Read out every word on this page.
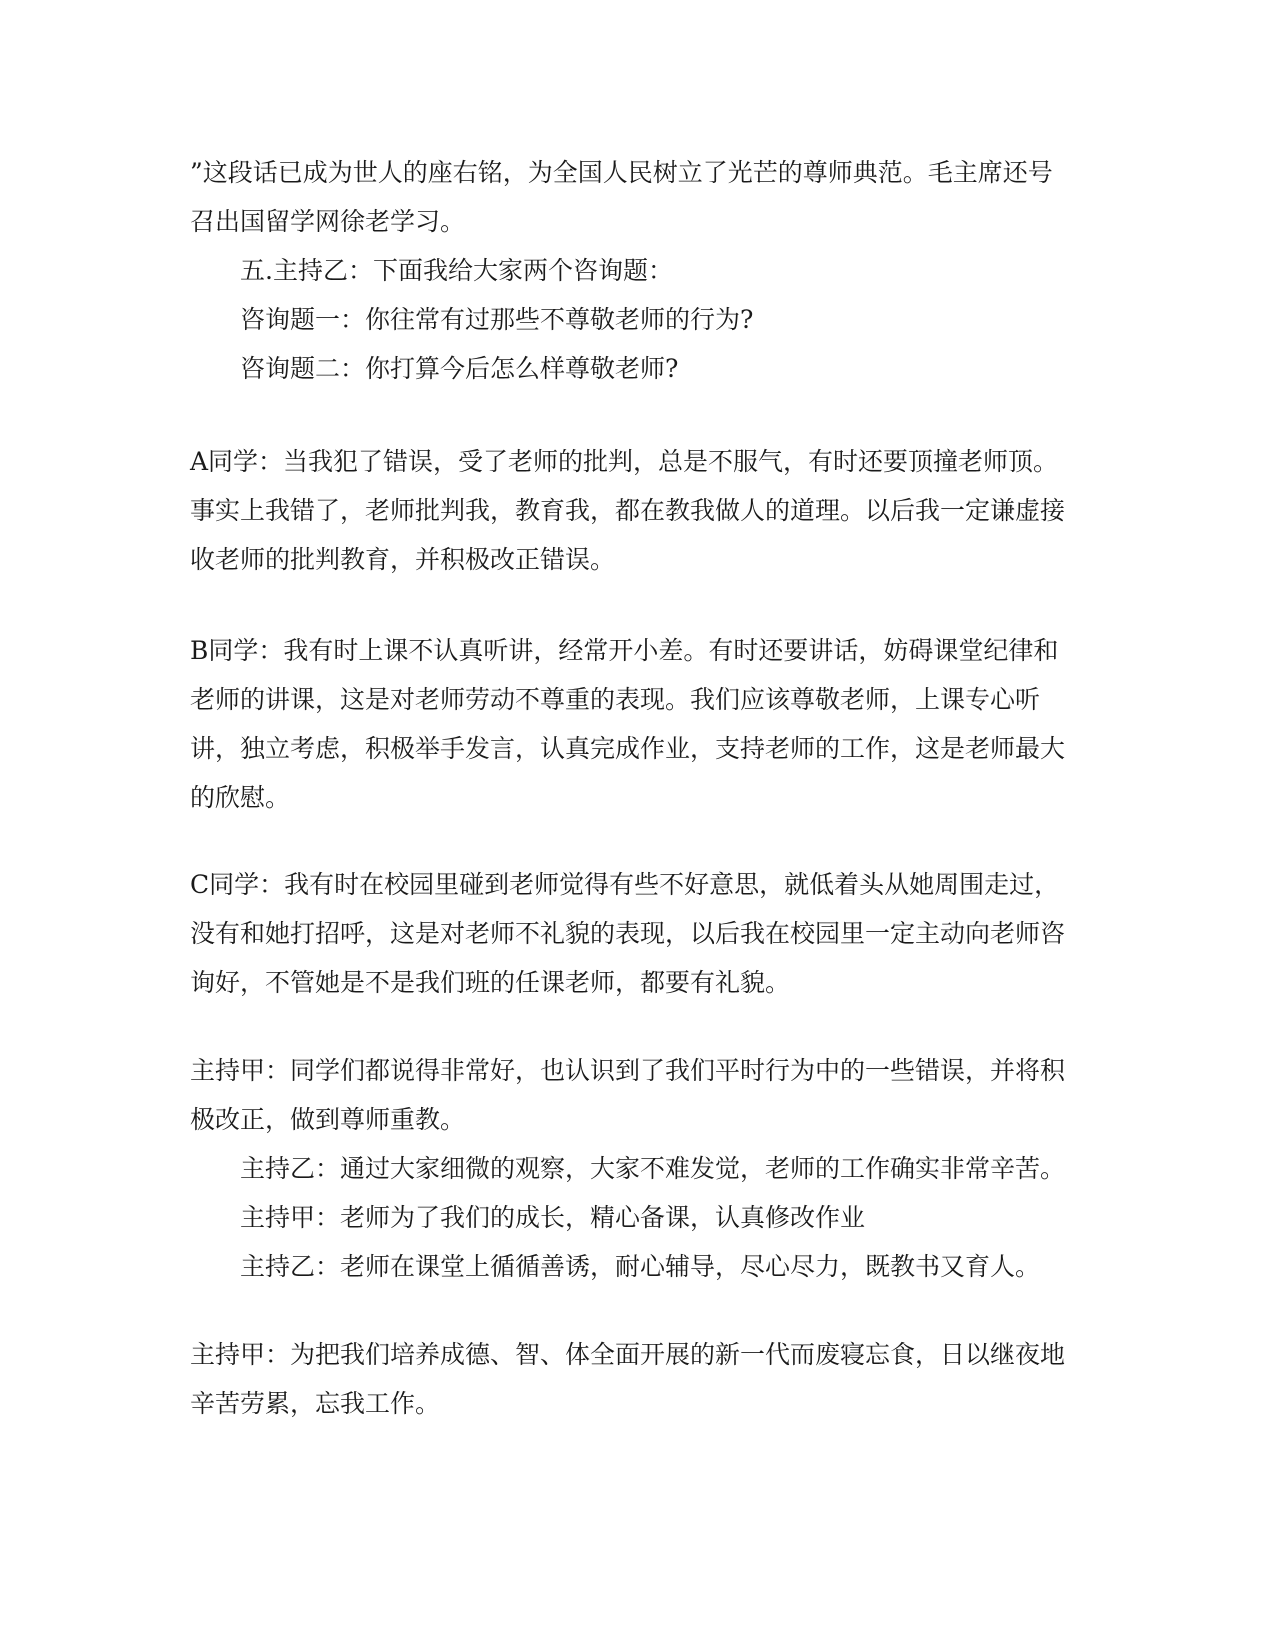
”这段话已成为世人的座右铭，为全国人民树立了光芒的尊师典范。毛主席还号召出国留学网徐老学习。
五.主持乙：下面我给大家两个咨询题：
咨询题一：你往常有过那些不尊敬老师的行为?
咨询题二：你打算今后怎么样尊敬老师?
A同学：当我犯了错误，受了老师的批判，总是不服气，有时还要顶撞老师顶。事实上我错了，老师批判我，教育我，都在教我做人的道理。以后我一定谦虚接收老师的批判教育，并积极改正错误。
B同学：我有时上课不认真听讲，经常开小差。有时还要讲话，妨碍课堂纪律和老师的讲课，这是对老师劳动不尊重的表现。我们应该尊敬老师，上课专心听讲，独立考虑，积极举手发言，认真完成作业，支持老师的工作，这是老师最大的欣慰。
C同学：我有时在校园里碰到老师觉得有些不好意思，就低着头从她周围走过，没有和她打招呼，这是对老师不礼貌的表现，以后我在校园里一定主动向老师咨询好，不管她是不是我们班的任课老师，都要有礼貌。
主持甲：同学们都说得非常好，也认识到了我们平时行为中的一些错误，并将积极改正，做到尊师重教。
主持乙：通过大家细微的观察，大家不难发觉，老师的工作确实非常辛苦。
主持甲：老师为了我们的成长，精心备课，认真修改作业
主持乙：老师在课堂上循循善诱，耐心辅导，尽心尽力，既教书又育人。
主持甲：为把我们培养成德、智、体全面开展的新一代而废寝忘食，日以继夜地辛苦劳累，忘我工作。
